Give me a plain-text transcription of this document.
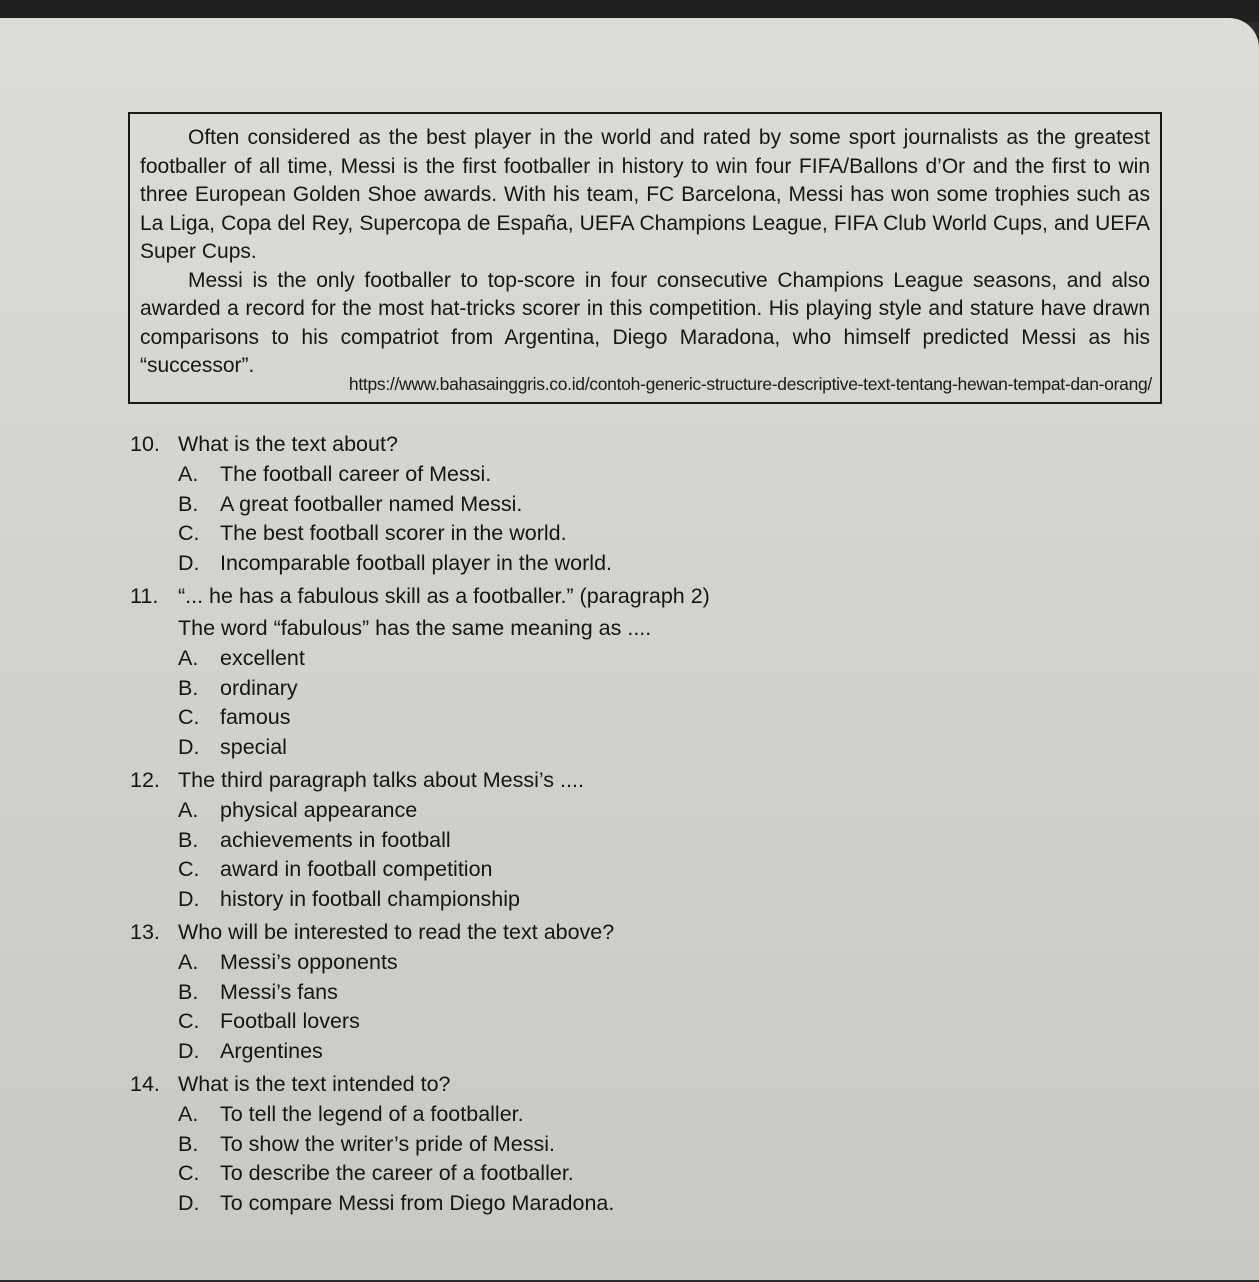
Often considered as the best player in the world and rated by some sport journalists as the greatest footballer of all time, Messi is the first footballer in history to win four FIFA/Ballons d’Or and the first to win three European Golden Shoe awards. With his team, FC Barcelona, Messi has won some trophies such as La Liga, Copa del Rey, Supercopa de España, UEFA Champions League, FIFA Club World Cups, and UEFA Super Cups.

Messi is the only footballer to top-score in four consecutive Champions League seasons, and also awarded a record for the most hat-tricks scorer in this competition. His playing style and stature have drawn comparisons to his compatriot from Argentina, Diego Maradona, who himself predicted Messi as his “successor”.

https://www.bahasainggris.co.id/contoh-generic-structure-descriptive-text-tentang-hewan-tempat-dan-orang/
10. What is the text about?
A.	The football career of Messi.
B.	A great footballer named Messi.
C. The best football scorer in the world.
D. Incomparable football player in the world.
11. “... he has a fabulous skill as a footballer.” (paragraph 2)
The word “fabulous” has the same meaning as ....
A.	excellent
B.	ordinary
C. famous
D. special
12. The third paragraph talks about Messi’s ....
A.	physical appearance
B.	achievements in football
C. award in football competition
D. history in football championship
13. Who will be interested to read the text above?
A.	Messi’s opponents
B.	Messi’s fans
C. Football lovers
D. Argentines
14. What is the text intended to?
A.	To tell the legend of a footballer.
B.	To show the writer’s pride of Messi.
C. To describe the career of a footballer.
D. To compare Messi from Diego Maradona.
